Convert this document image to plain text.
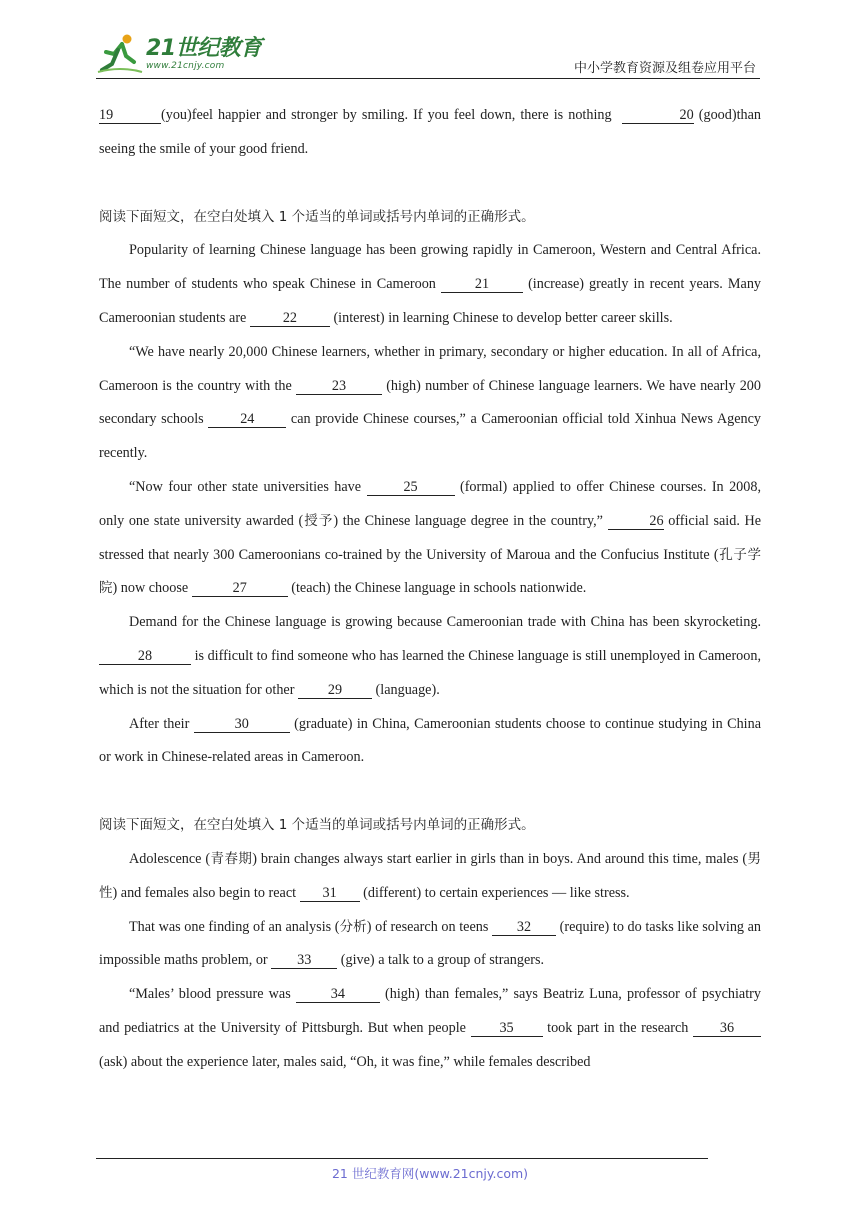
21世纪教育
www.21cnjy.com	中小学教育资源及组卷应用平台

19	(you)feel happier and stronger by smiling. If you feel down, there is nothing	20 (good)than seeing the smile of your good friend.

阅读下面短文，在空白处填入 1 个适当的单词或括号内单词的正确形式。

Popularity of learning Chinese language has been growing rapidly in Cameroon, Western and Central Africa. The number of students who speak Chinese in Cameroon	21	(increase) greatly in recent years. Many Cameroonian students are	22	(interest) in learning Chinese to develop better career skills.

“We have nearly 20,000 Chinese learners, whether in primary, secondary or higher education. In all of Africa, Cameroon is the country with the	23	(high) number of Chinese language learners. We have nearly 200 secondary schools	24	can provide Chinese courses,” a Cameroonian official told Xinhua News Agency recently.

“Now four other state universities have	25	(formal) applied to offer Chinese courses. In 2008, only one state university awarded (授予) the Chinese language degree in the country,”	26 official said. He stressed that nearly 300 Cameroonians co-trained by the University of Maroua and the Confucius Institute (孔子学院) now choose	27	(teach) the Chinese language in schools nationwide.

Demand for the Chinese language is growing because Cameroonian trade with China has been skyrocketing. 28	is difficult to find someone who has learned the Chinese language is still unemployed in Cameroon, which is not the situation for other 29 (language).

After their	30	(graduate) in China, Cameroonian students choose to continue studying in China or work in Chinese-related areas in Cameroon.

阅读下面短文，在空白处填入 1 个适当的单词或括号内单词的正确形式。

Adolescence (青春期) brain changes always start earlier in girls than in boys. And around this time, males (男性) and females also begin to react 31 (different) to certain experiences — like stress.

That was one finding of an analysis (分析) of research on teens 32 (require) to do tasks like solving an impossible maths problem, or 33 (give) a talk to a group of strangers.

“Males’ blood pressure was	34	(high) than females,” says Beatriz Luna, professor of psychiatry and pediatrics at the University of Pittsburgh. But when people 35 took part in the research 36 (ask) about the experience later, males said, “Oh, it was fine,” while females described

21 世纪教育网(www.21cnjy.com)
